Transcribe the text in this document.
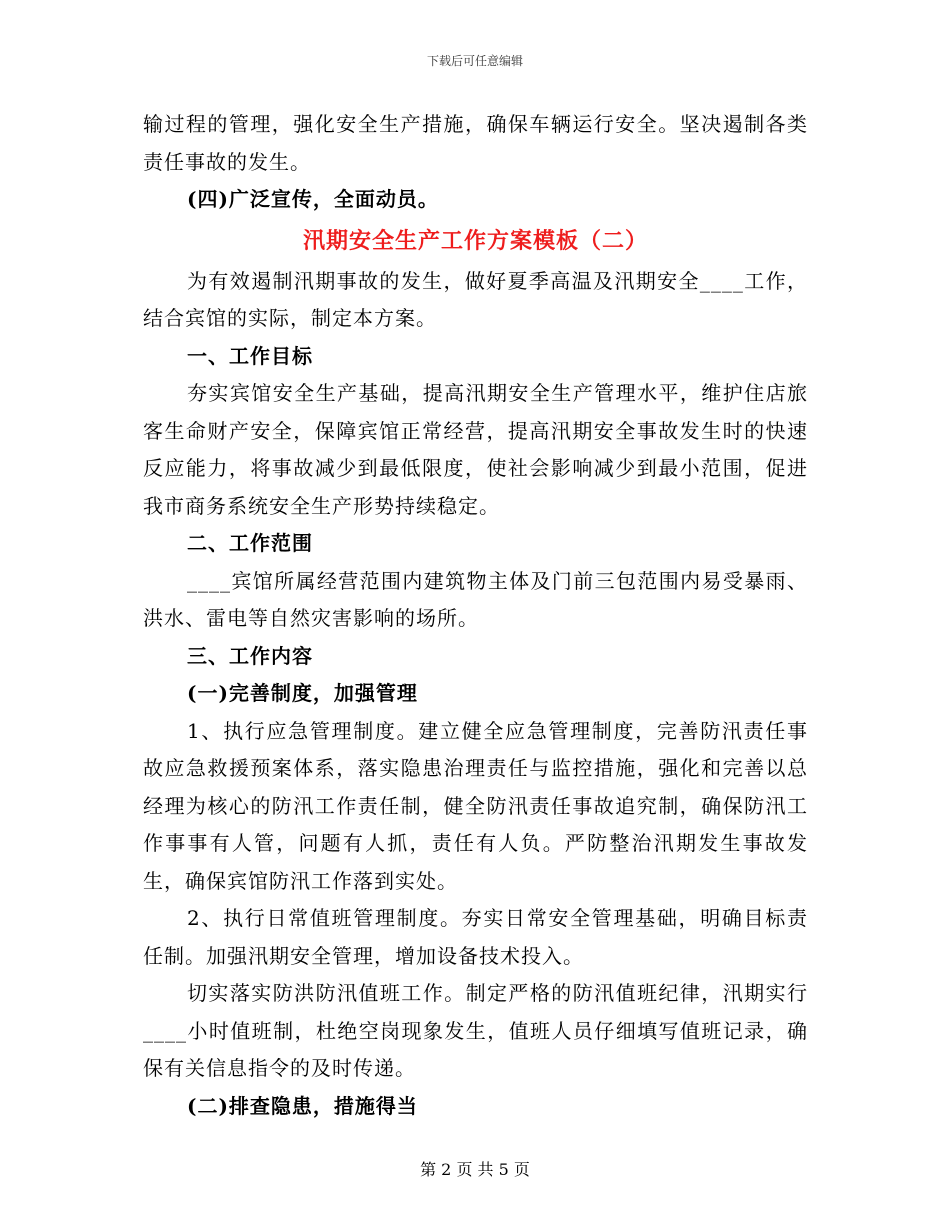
下载后可任意编辑

输过程的管理，强化安全生产措施，确保车辆运行安全。坚决遏制各类责任事故的发生。

(四)广泛宣传，全面动员。

汛期安全生产工作方案模板（二）

为有效遏制汛期事故的发生，做好夏季高温及汛期安全____工作，结合宾馆的实际，制定本方案。

一、工作目标

夯实宾馆安全生产基础，提高汛期安全生产管理水平，维护住店旅客生命财产安全，保障宾馆正常经营，提高汛期安全事故发生时的快速反应能力，将事故减少到最低限度，使社会影响减少到最小范围，促进我市商务系统安全生产形势持续稳定。

二、工作范围

____宾馆所属经营范围内建筑物主体及门前三包范围内易受暴雨、洪水、雷电等自然灾害影响的场所。

三、工作内容

(一)完善制度，加强管理

1、执行应急管理制度。建立健全应急管理制度，完善防汛责任事故应急救援预案体系，落实隐患治理责任与监控措施，强化和完善以总经理为核心的防汛工作责任制，健全防汛责任事故追究制，确保防汛工作事事有人管，问题有人抓，责任有人负。严防整治汛期发生事故发生，确保宾馆防汛工作落到实处。

2、执行日常值班管理制度。夯实日常安全管理基础，明确目标责任制。加强汛期安全管理，增加设备技术投入。

切实落实防洪防汛值班工作。制定严格的防汛值班纪律，汛期实行____小时值班制，杜绝空岗现象发生，值班人员仔细填写值班记录，确保有关信息指令的及时传递。

(二)排查隐患，措施得当

第 2 页 共 5 页
